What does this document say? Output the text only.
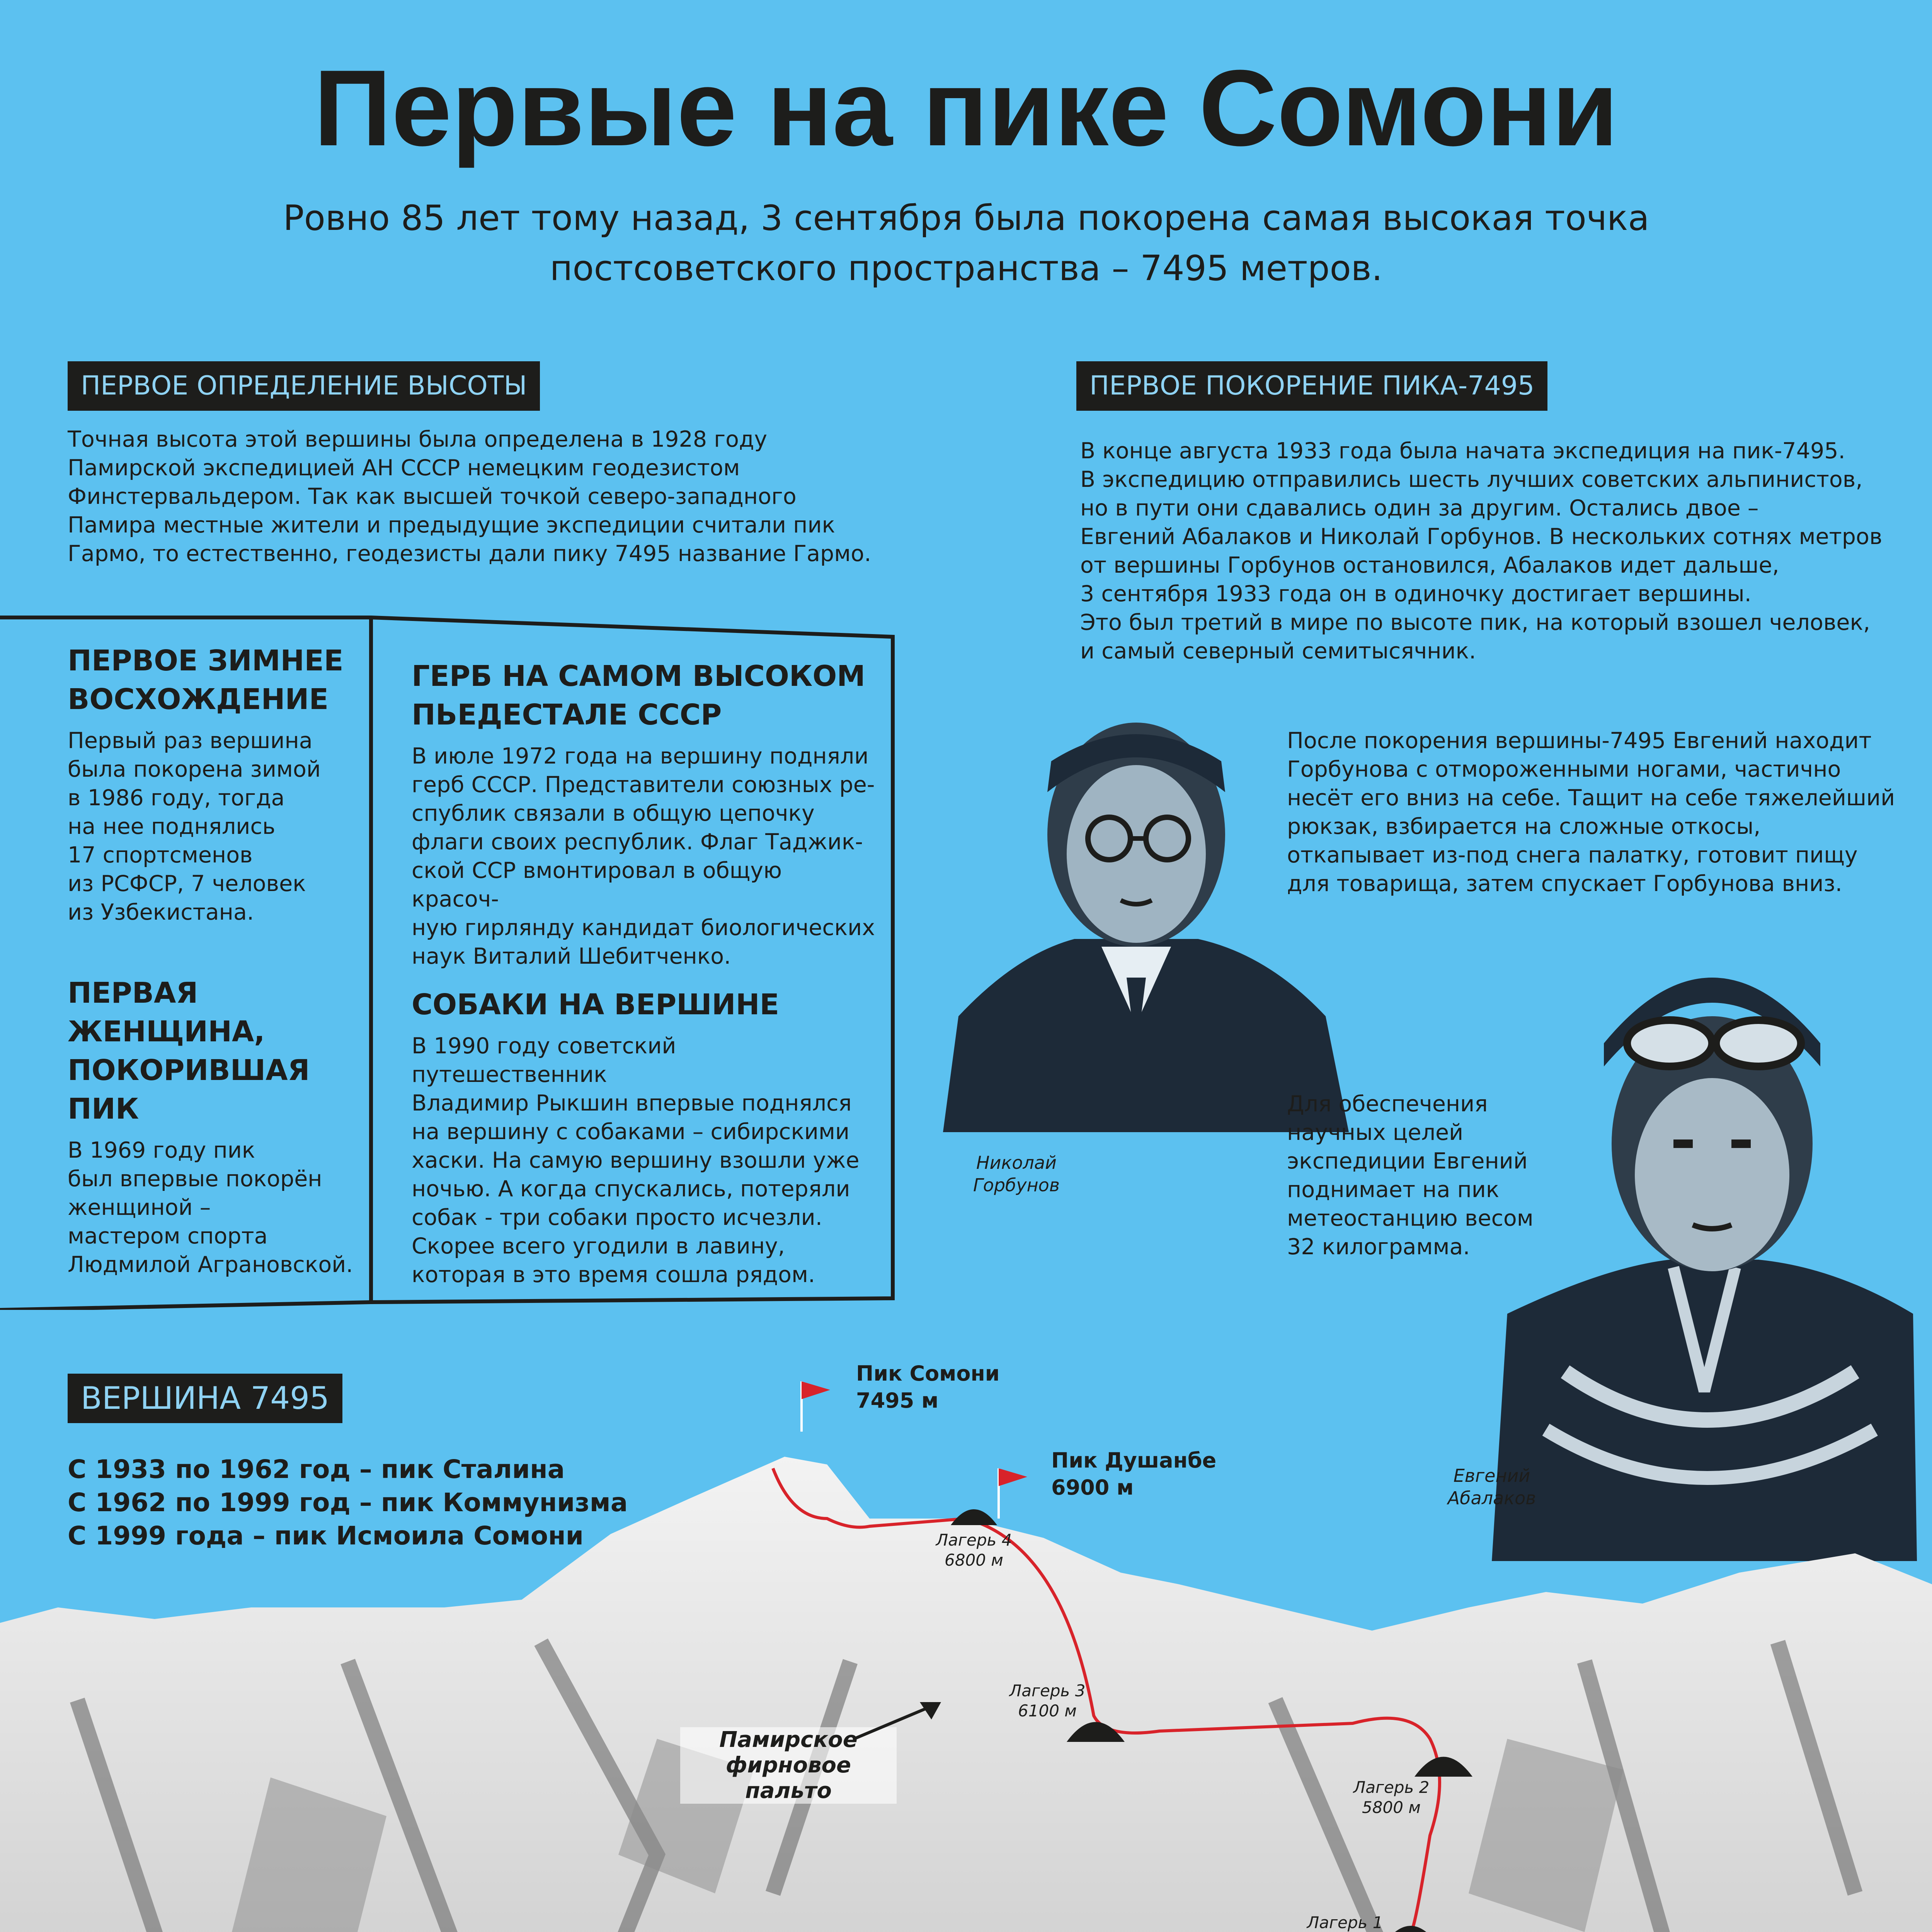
Первые на пике Сомони
Ровно 85 лет тому назад, 3 сентября была покорена самая высокая точка
постсоветского пространства – 7495 метров.
ПЕРВОЕ ОПРЕДЕЛЕНИЕ ВЫСОТЫ
Точная высота этой вершины была определена в 1928 году
Памирской экспедицией АН СССР немецким геодезистом
Финстервальдером. Так как высшей точкой северо-западного
Памира местные жители и предыдущие экспедиции считали пик
Гармо, то естественно, геодезисты дали пику 7495 название Гармо.
ПЕРВОЕ ПОКОРЕНИЕ ПИКА-7495
В конце августа 1933 года была начата экспедиция на пик-7495.
В экспедицию отправились шесть лучших советских альпинистов,
но в пути они сдавались один за другим. Остались двое –
Евгений Абалаков и Николай Горбунов. В нескольких сотнях метров
от вершины Горбунов остановился, Абалаков идет дальше,
3 сентября 1933 года он в одиночку достигает вершины.
Это был третий в мире по высоте пик, на который взошел человек,
и самый северный семитысячник.
Николай
Горбунов
После покорения вершины-7495 Евгений находит
Горбунова с отмороженными ногами, частично
несёт его вниз на себе. Тащит на себе тяжелейший
рюкзак, взбирается на сложные откосы,
откапывает из-под снега палатку, готовит пищу
для товарища, затем спускает Горбунова вниз.
Для обеспечения
научных целей
экспедиции Евгений
поднимает на пик
метеостанцию весом
32 килограмма.
Евгений
Абалаков
ПЕРВОЕ ЗИМНЕЕ
ВОСХОЖДЕНИЕ
Первый раз вершина
была покорена зимой
в 1986 году, тогда
на нее поднялись
17 спортсменов
из РСФСР, 7 человек
из Узбекистана.
ПЕРВАЯ
ЖЕНЩИНА,
ПОКОРИВШАЯ
ПИК
В 1969 году пик
был впервые покорён
женщиной –
мастером спорта
Людмилой Аграновской.
ГЕРБ НА САМОМ ВЫСОКОМ
ПЬЕДЕСТАЛЕ СССР
В июле 1972 года на вершину подняли
герб СССР. Представители союзных ре-
спублик связали в общую цепочку
флаги своих республик. Флаг Таджик-
ской ССР вмонтировал в общую красоч-
ную гирлянду кандидат биологических
наук Виталий Шебитченко.
СОБАКИ НА ВЕРШИНЕ
В 1990 году советский путешественник
Владимир Рыкшин впервые поднялся
на вершину с собаками – сибирскими
хаски. На самую вершину взошли уже
ночью. А когда спускались, потеряли
собак - три собаки просто исчезли.
Скорее всего угодили в лавину,
которая в это время сошла рядом.
Пик Сомони
7495 м
Пик Душанбе
6900 м
Лагерь 4
6800 м
Лагерь 3
6100 м
Лагерь 2
5800 м
Лагерь 1
Памирское
фирновое пальто
ВЕРШИНА 7495
С 1933 по 1962 год – пик Сталина
С 1962 по 1999 год – пик Коммунизма
С 1999 года – пик Исмоила Сомони
